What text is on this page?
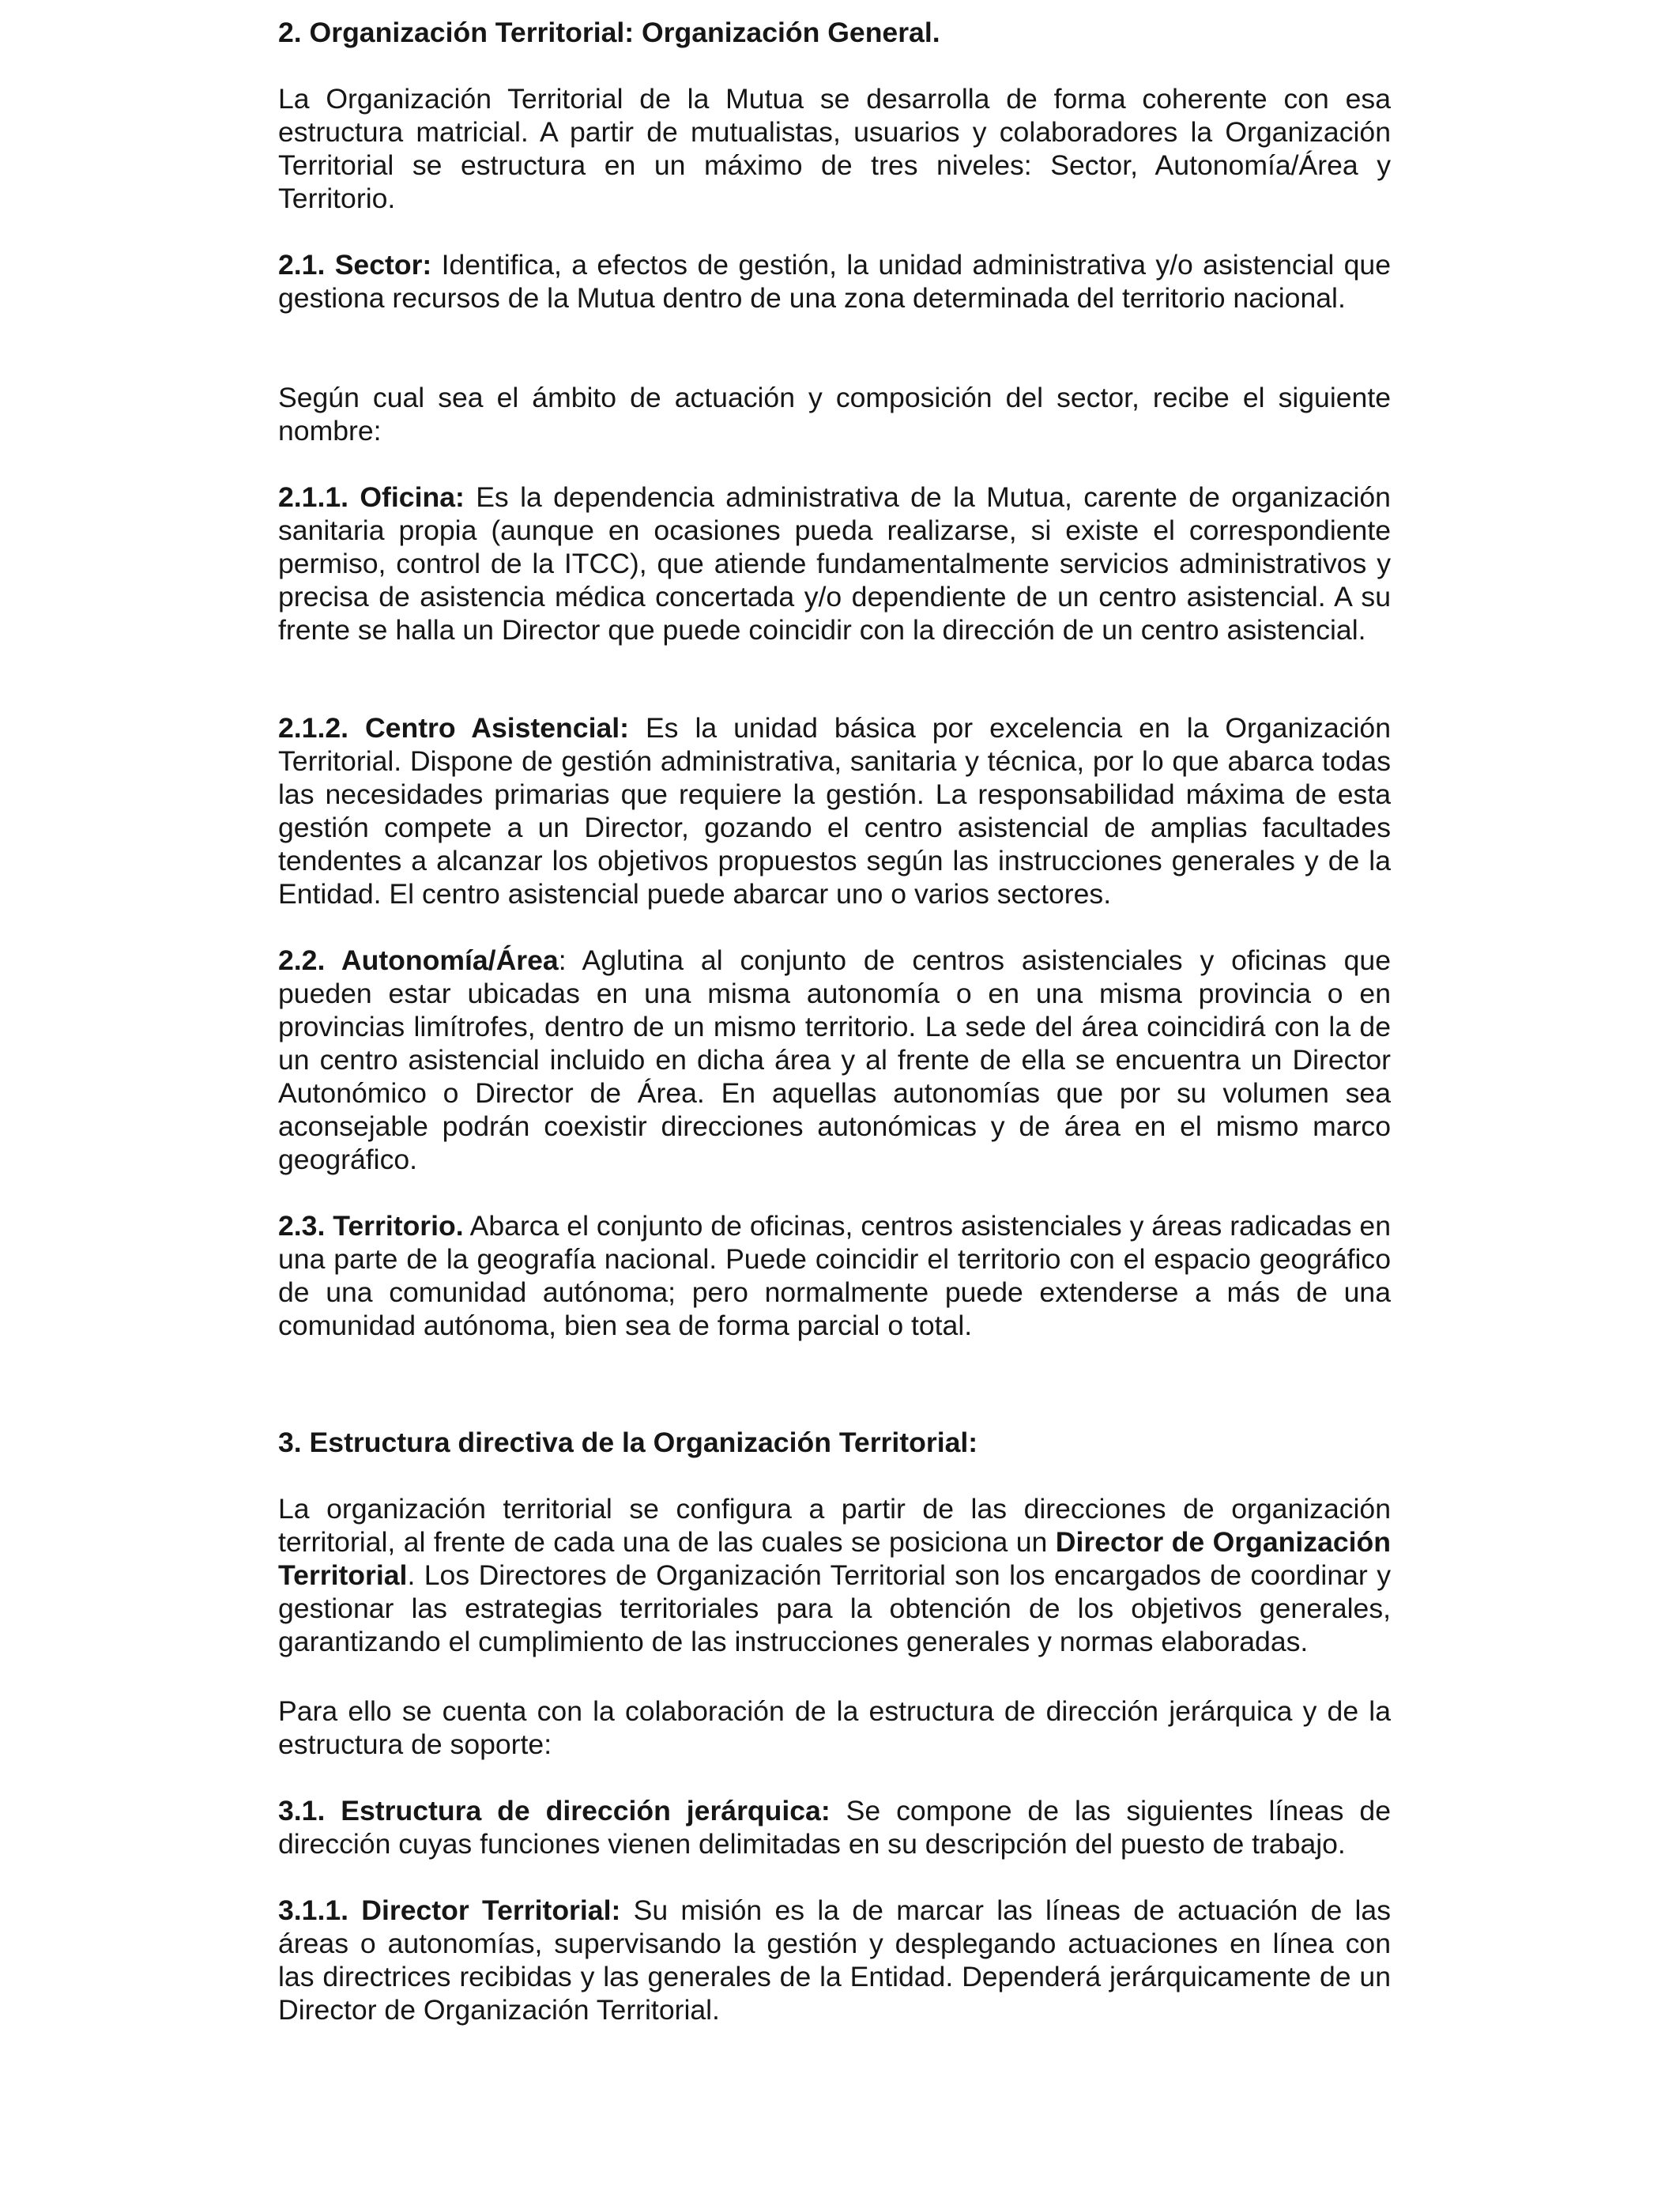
2. Organización Territorial: Organización General.

La Organización Territorial de la Mutua se desarrolla de forma coherente con esa estructura matricial. A partir de mutualistas, usuarios y colaboradores la Organización Territorial se estructura en un máximo de tres niveles: Sector, Autonomía/Área y Territorio.

2.1. Sector: Identifica, a efectos de gestión, la unidad administrativa y/o asistencial que gestiona recursos de la Mutua dentro de una zona determinada del territorio nacional.

Según cual sea el ámbito de actuación y composición del sector, recibe el siguiente nombre:

2.1.1. Oficina: Es la dependencia administrativa de la Mutua, carente de organización sanitaria propia (aunque en ocasiones pueda realizarse, si existe el correspondiente permiso, control de la ITCC), que atiende fundamentalmente servicios administrativos y precisa de asistencia médica concertada y/o dependiente de un centro asistencial. A su frente se halla un Director que puede coincidir con la dirección de un centro asistencial.

2.1.2. Centro Asistencial: Es la unidad básica por excelencia en la Organización Territorial. Dispone de gestión administrativa, sanitaria y técnica, por lo que abarca todas las necesidades primarias que requiere la gestión. La responsabilidad máxima de esta gestión compete a un Director, gozando el centro asistencial de amplias facultades tendentes a alcanzar los objetivos propuestos según las instrucciones generales y de la Entidad. El centro asistencial puede abarcar uno o varios sectores.

2.2. Autonomía/Área: Aglutina al conjunto de centros asistenciales y oficinas que pueden estar ubicadas en una misma autonomía o en una misma provincia o en provincias limítrofes, dentro de un mismo territorio. La sede del área coincidirá con la de un centro asistencial incluido en dicha área y al frente de ella se encuentra un Director Autonómico o Director de Área. En aquellas autonomías que por su volumen sea aconsejable podrán coexistir direcciones autonómicas y de área en el mismo marco geográfico.

2.3. Territorio. Abarca el conjunto de oficinas, centros asistenciales y áreas radicadas en una parte de la geografía nacional. Puede coincidir el territorio con el espacio geográfico de una comunidad autónoma; pero normalmente puede extenderse a más de una comunidad autónoma, bien sea de forma parcial o total.

3. Estructura directiva de la Organización Territorial:

La organización territorial se configura a partir de las direcciones de organización territorial, al frente de cada una de las cuales se posiciona un Director de Organización Territorial. Los Directores de Organización Territorial son los encargados de coordinar y gestionar las estrategias territoriales para la obtención de los objetivos generales, garantizando el cumplimiento de las instrucciones generales y normas elaboradas.

Para ello se cuenta con la colaboración de la estructura de dirección jerárquica y de la estructura de soporte:

3.1. Estructura de dirección jerárquica: Se compone de las siguientes líneas de dirección cuyas funciones vienen delimitadas en su descripción del puesto de trabajo.

3.1.1. Director Territorial: Su misión es la de marcar las líneas de actuación de las áreas o autonomías, supervisando la gestión y desplegando actuaciones en línea con las directrices recibidas y las generales de la Entidad. Dependerá jerárquicamente de un Director de Organización Territorial.
